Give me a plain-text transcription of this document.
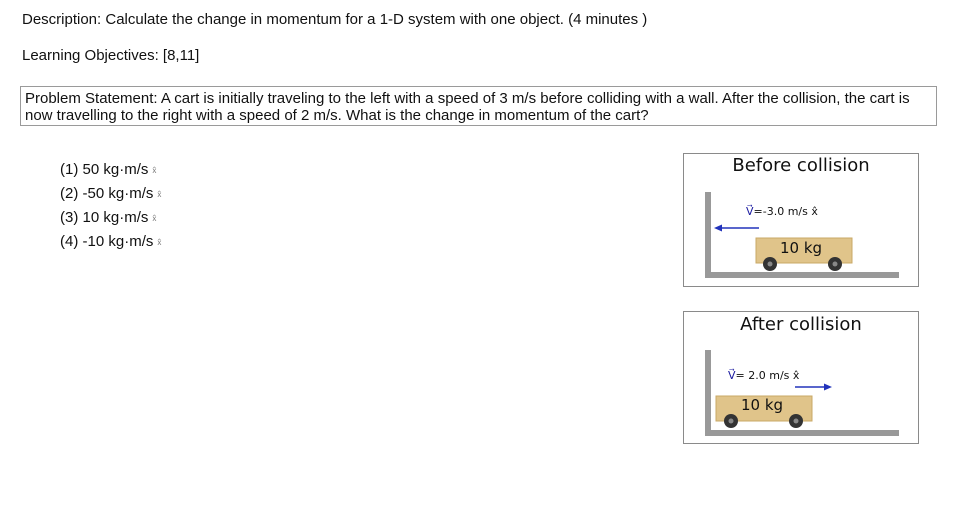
Description: Calculate the change in momentum for a 1-D system with one object. (4 minutes )
Learning Objectives: [8,11]
Problem Statement: A cart is initially traveling to the left with a speed of 3 m/s before colliding with a wall. After the collision, the cart is now travelling to the right with a speed of 2 m/s. What is the change in momentum of the cart?
(1) 50 kg·m/s x̂
(2) -50 kg·m/s x̂
(3) 10 kg·m/s x̂
(4) -10 kg·m/s x̂
Before collision
V⃗=-3.0 m/s x̂
10 kg
After collision
V⃗= 2.0 m/s x̂
10 kg
